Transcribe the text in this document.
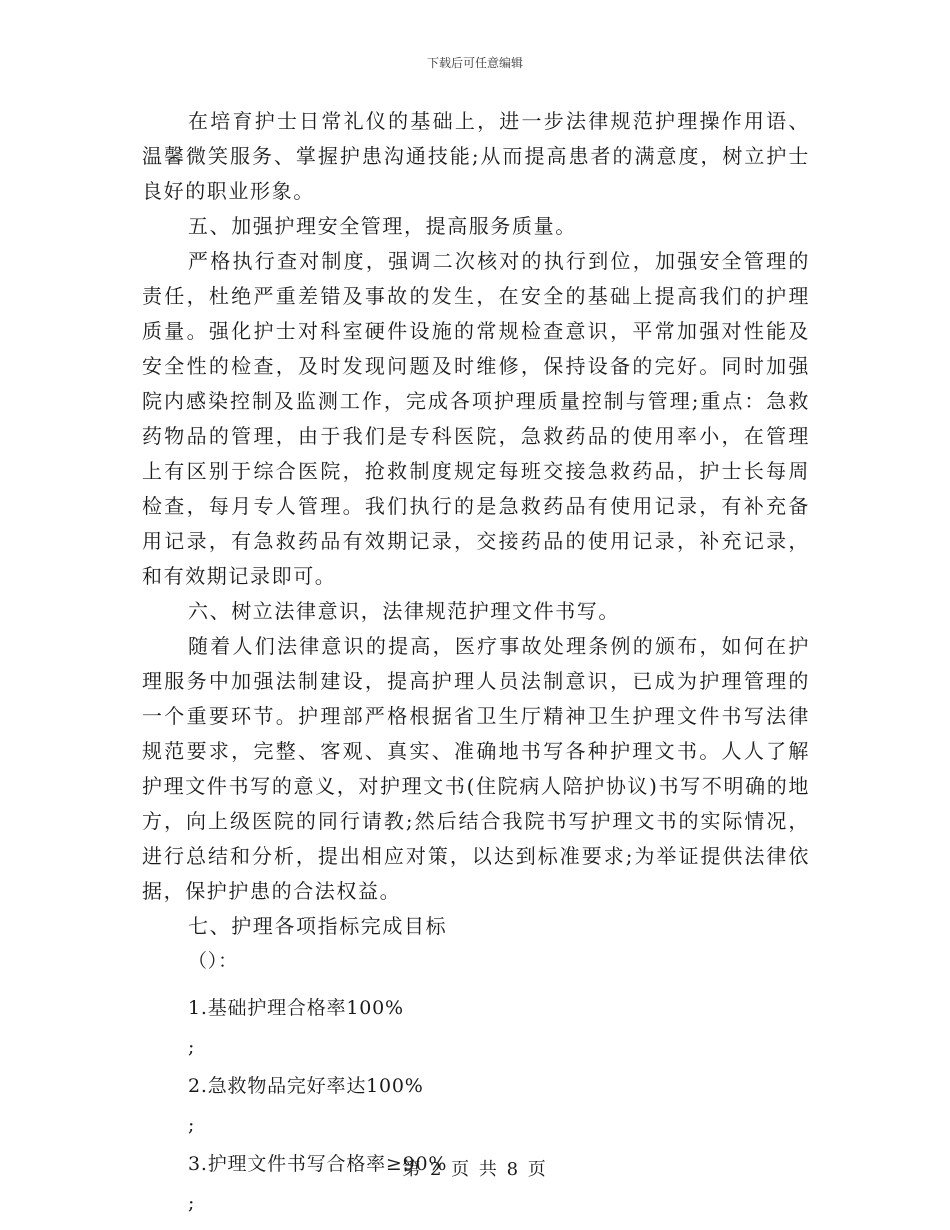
下载后可任意编辑

在培育护士日常礼仪的基础上，进一步法律规范护理操作用语、温馨微笑服务、掌握护患沟通技能;从而提高患者的满意度，树立护士良好的职业形象。

五、加强护理安全管理，提高服务质量。

严格执行查对制度，强调二次核对的执行到位，加强安全管理的责任，杜绝严重差错及事故的发生，在安全的基础上提高我们的护理质量。强化护士对科室硬件设施的常规检查意识，平常加强对性能及安全性的检查，及时发现问题及时维修，保持设备的完好。同时加强院内感染控制及监测工作，完成各项护理质量控制与管理;重点：急救药物品的管理，由于我们是专科医院，急救药品的使用率小，在管理上有区别于综合医院，抢救制度规定每班交接急救药品，护士长每周检查，每月专人管理。我们执行的是急救药品有使用记录，有补充备用记录，有急救药品有效期记录，交接药品的使用记录，补充记录，和有效期记录即可。

六、树立法律意识，法律规范护理文件书写。

随着人们法律意识的提高，医疗事故处理条例的颁布，如何在护理服务中加强法制建设，提高护理人员法制意识，已成为护理管理的一个重要环节。护理部严格根据省卫生厅精神卫生护理文件书写法律规范要求，完整、客观、真实、准确地书写各种护理文书。人人了解护理文件书写的意义，对护理文书(住院病人陪护协议)书写不明确的地方，向上级医院的同行请教;然后结合我院书写护理文书的实际情况，进行总结和分析，提出相应对策，以达到标准要求;为举证提供法律依据，保护护患的合法权益。

七、护理各项指标完成目标

（）：
1.基础护理合格率100%
;
2.急救物品完好率达100%
;
3.护理文件书写合格率≥90%
;
第 2 页 共 8 页
